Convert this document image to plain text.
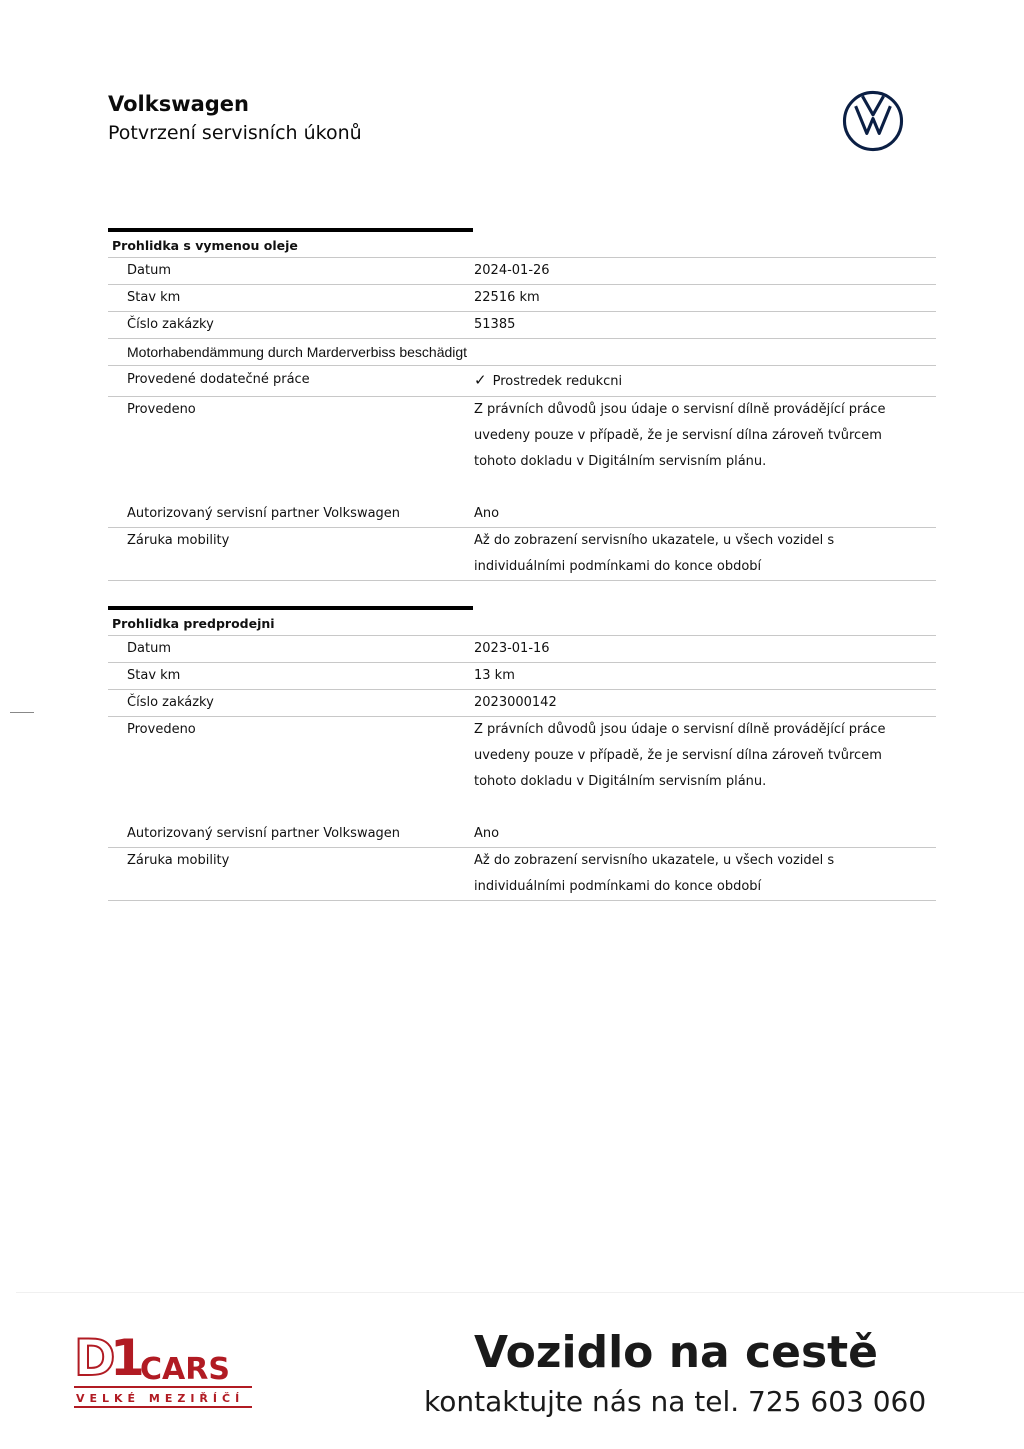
Volkswagen
Potvrzení servisních úkonů
Prohlidka s vymenou oleje
Datum	2024-01-26
Stav km	22516 km
Číslo zakázky	51385
Motorhabendämmung durch Marderverbiss beschädigt
Provedené dodatečné práce	✓ Prostredek redukcni
Provedeno	Z právních důvodů jsou údaje o servisní dílně provádějící práce uvedeny pouze v případě, že je servisní dílna zároveň tvůrcem tohoto dokladu v Digitálním servisním plánu.
Autorizovaný servisní partner Volkswagen	Ano
Záruka mobility	Až do zobrazení servisního ukazatele, u všech vozidel s individuálními podmínkami do konce období
Prohlidka predprodejni
Datum	2023-01-16
Stav km	13 km
Číslo zakázky	2023000142
Provedeno	Z právních důvodů jsou údaje o servisní dílně provádějící práce uvedeny pouze v případě, že je servisní dílna zároveň tvůrcem tohoto dokladu v Digitálním servisním plánu.
Autorizovaný servisní partner Volkswagen	Ano
Záruka mobility	Až do zobrazení servisního ukazatele, u všech vozidel s individuálními podmínkami do konce období
D
1
CARS
VELKÉ MEZIŘÍČÍ
Vozidlo na cestě
kontaktujte nás na tel. 725 603 060
